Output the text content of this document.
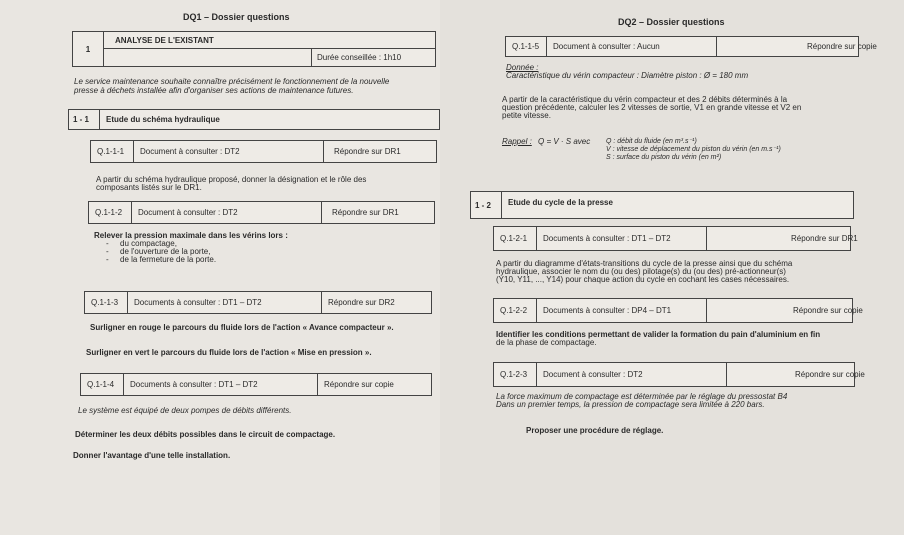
DQ1 – Dossier questions
1
ANALYSE DE L'EXISTANT
Durée conseillée : 1h10
Le service maintenance souhaite connaître précisément le fonctionnement de la nouvelle
presse à déchets installée afin d'organiser ses actions de maintenance futures.
1 - 1	Etude du schéma hydraulique
Q.1-1-1	Document à consulter : DT2	Répondre sur DR1
A partir du schéma hydraulique proposé, donner la désignation et le rôle des
composants listés sur le DR1.
Q.1-1-2	Document à consulter : DT2	Répondre sur DR1
Relever la pression maximale dans les vérins lors :
- du compactage,
- de l'ouverture de la porte,
- de la fermeture de la porte.
Q.1-1-3	Documents à consulter : DT1 – DT2	Répondre sur DR2
Surligner en rouge le parcours du fluide lors de l'action « Avance compacteur ».
Surligner en vert le parcours du fluide lors de l'action « Mise en pression ».
Q.1-1-4	Documents à consulter : DT1 – DT2	Répondre sur copie
Le système est équipé de deux pompes de débits différents.
Déterminer les deux débits possibles dans le circuit de compactage.
Donner l'avantage d'une telle installation.
DQ2 – Dossier questions
Q.1-1-5	Document à consulter : Aucun	Répondre sur copie
Donnée :
Caractéristique du vérin compacteur : Diamètre piston : Ø = 180 mm
A partir de la caractéristique du vérin compacteur et des 2 débits déterminés à la
question précédente, calculer les 2 vitesses de sortie, V1 en grande vitesse et V2 en
petite vitesse.
Rappel : Q = V · S avec Q : débit du fluide (en m³.s⁻¹)
V : vitesse de déplacement du piston du vérin (en m.s⁻¹)
S : surface du piston du vérin (en m²)
1 - 2	Etude du cycle de la presse
Q.1-2-1	Documents à consulter : DT1 – DT2	Répondre sur DR1
A partir du diagramme d'états-transitions du cycle de la presse ainsi que du schéma
hydraulique, associer le nom du (ou des) pilotage(s) du (ou des) pré-actionneur(s)
(Y10, Y11, ..., Y14) pour chaque action du cycle en cochant les cases nécessaires.
Q.1-2-2	Documents à consulter : DP4 – DT1	Répondre sur copie
Identifier les conditions permettant de valider la formation du pain d'aluminium en fin
de la phase de compactage.
Q.1-2-3	Document à consulter : DT2	Répondre sur copie
La force maximum de compactage est déterminée par le réglage du pressostat B4
Dans un premier temps, la pression de compactage sera limitée à 220 bars.
Proposer une procédure de réglage.
